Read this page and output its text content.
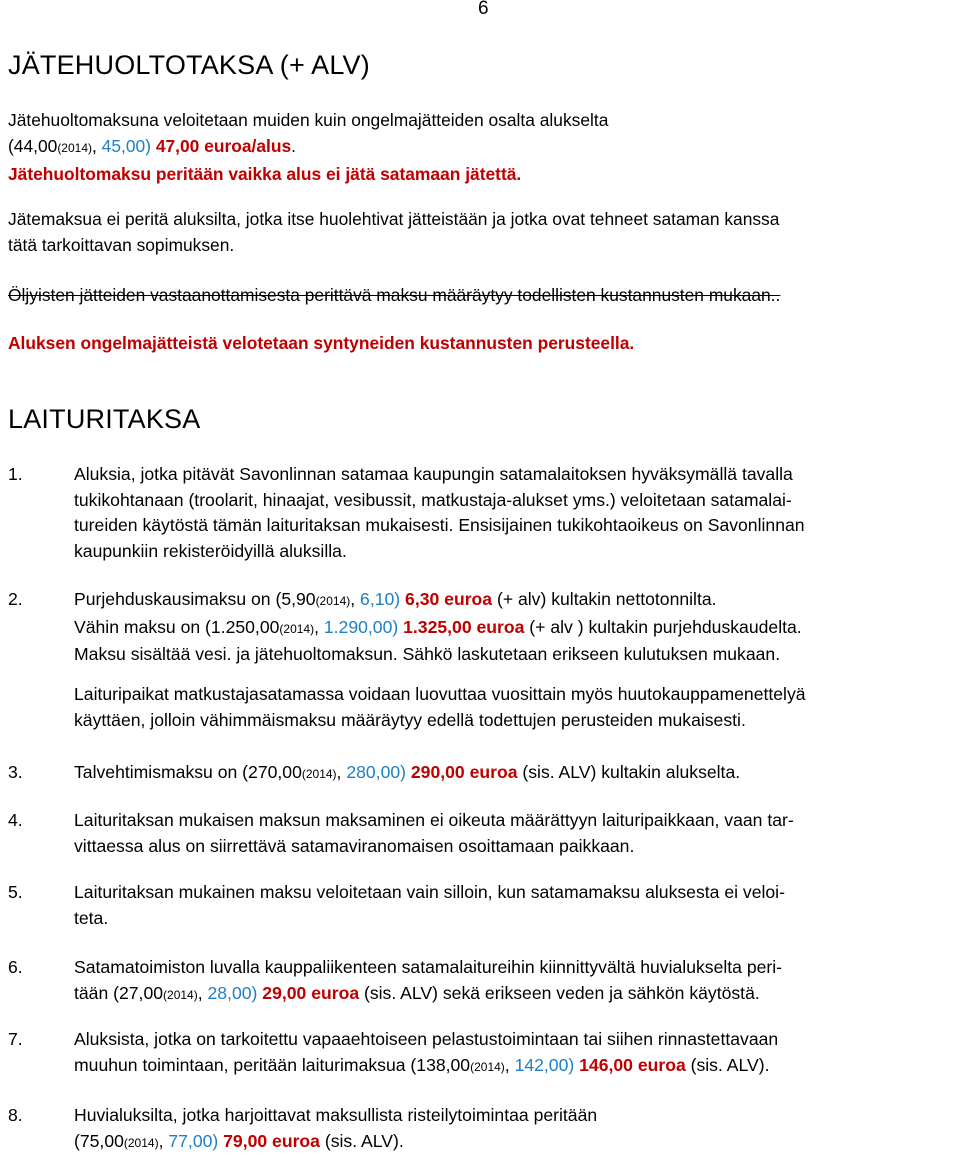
6
JÄTEHUOLTOTAKSA (+ ALV)
Jätehuoltomaksuna veloitetaan muiden kuin ongelmajätteiden osalta alukselta
(44,00(2014), 45,00) 47,00 euroa/alus.
Jätehuoltomaksu peritään vaikka alus ei jätä satamaan jätettä.
Jätemaksua ei peritä aluksilta, jotka itse huolehtivat jätteistään ja jotka ovat tehneet sataman kanssa
tätä tarkoittavan sopimuksen.
Öljyisten jätteiden vastaanottamisesta perittävä maksu määräytyy todellisten kustannusten mukaan..
Aluksen ongelmajätteistä velotetaan syntyneiden kustannusten perusteella.
LAITURITAKSA
1.	Aluksia, jotka pitävät Savonlinnan satamaa kaupungin satamalaitoksen hyväksymällä tavalla
tukikohtanaan (troolarit, hinaajat, vesibussit, matkustaja-alukset yms.) veloitetaan satamalai-
tureiden käytöstä tämän laituritaksan mukaisesti. Ensisijainen tukikohtaoikeus on Savonlinnan
kaupunkiin rekisteröidyillä aluksilla.
2.	Purjehduskausimaksu on (5,90(2014), 6,10) 6,30 euroa (+ alv) kultakin nettotonnilta.
Vähin maksu on (1.250,00(2014), 1.290,00) 1.325,00 euroa (+ alv ) kultakin purjehduskaudelta.
Maksu sisältää vesi. ja jätehuoltomaksun. Sähkö laskutetaan erikseen kulutuksen mukaan.
Laituripaikat matkustajasatamassa voidaan luovuttaa vuosittain myös huutokauppamenettelyä
käyttäen, jolloin vähimmäismaksu määräytyy edellä todettujen perusteiden mukaisesti.
3.	Talvehtimismaksu on (270,00(2014), 280,00) 290,00 euroa (sis. ALV) kultakin alukselta.
4.	Laituritaksan mukaisen maksun maksaminen ei oikeuta määrättyyn laituripaikkaan, vaan tar-
vittaessa alus on siirrettävä satamaviranomaisen osoittamaan paikkaan.
5.	Laituritaksan mukainen maksu veloitetaan vain silloin, kun satamamaksu aluksesta ei veloi-
teta.
6.	Satamatoimiston luvalla kauppaliikenteen satamalaitureihin kiinnittyvältä huvialukselta peri-
tään (27,00(2014), 28,00) 29,00 euroa (sis. ALV) sekä erikseen veden ja sähkön käytöstä.
7.	Aluksista, jotka on tarkoitettu vapaaehtoiseen pelastustoimintaan tai siihen rinnastettavaan
muuhun toimintaan, peritään laiturimaksua (138,00(2014), 142,00) 146,00 euroa (sis. ALV).
8.	Huvialuksilta, jotka harjoittavat maksullista risteilytoimintaa peritään
(75,00(2014), 77,00) 79,00 euroa (sis. ALV).
